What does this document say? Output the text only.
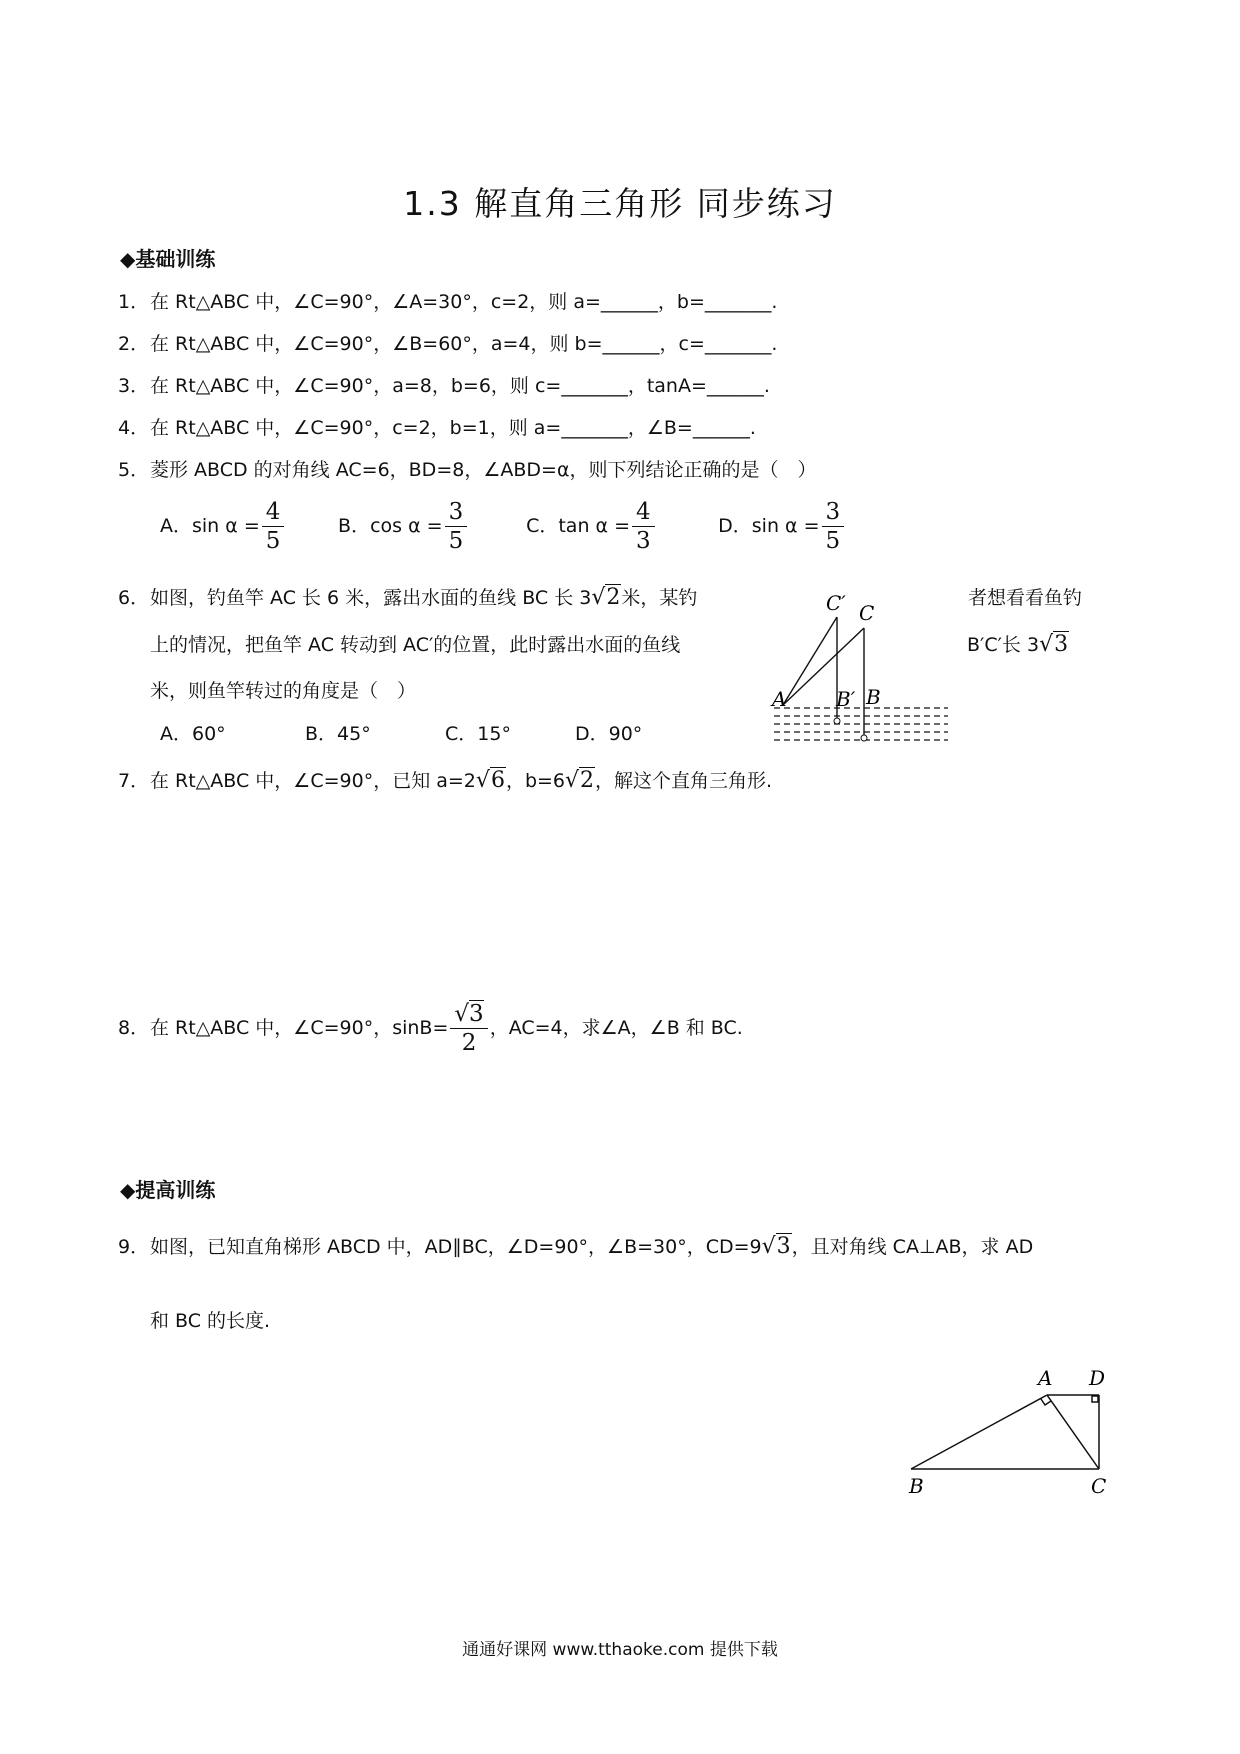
1.3 解直角三角形 同步练习
◆基础训练
1．在 Rt△ABC 中，∠C=90°，∠A=30°，c=2，则 a=______，b=_______.
2．在 Rt△ABC 中，∠C=90°，∠B=60°，a=4，则 b=______，c=_______.
3．在 Rt△ABC 中，∠C=90°，a=8，b=6，则 c=_______，tanA=______.
4．在 Rt△ABC 中，∠C=90°，c=2，b=1，则 a=_______，∠B=______.
5．菱形 ABCD 的对角线 AC=6，BD=8，∠ABD=α，则下列结论正确的是（　）
A．$\sin \alpha = \frac{4}{5}$	B．$\cos \alpha = \frac{3}{5}$	C．$\tan \alpha = \frac{4}{3}$	D．$\sin \alpha = \frac{3}{5}$
6．如图，钓鱼竿 AC 长 6 米，露出水面的鱼线 BC 长 3√2米，某钓	者想看看鱼钓
上的情况，把鱼竿 AC 转动到 AC′的位置，此时露出水面的鱼线	B′C′长 3√3
米，则鱼竿转过的角度是（　）
A．60°	B．45°	C．15°	D．90°
C′ C
A B′ B
7．在 Rt△ABC 中，∠C=90°，已知 a=2√6，b=6√2，解这个直角三角形.
8．在 Rt△ABC 中，∠C=90°，$\sin B= \frac{√3}{2}$ ，AC=4，求∠A，∠B 和 BC.
◆提高训练
9．如图，已知直角梯形 ABCD 中，AD∥BC，∠D=90°，∠B=30°，CD=9√3，且对角线 CA⊥AB，求 AD
和 BC 的长度.
A D
B	C
通通好课网 www.tthaoke.com 提供下载
